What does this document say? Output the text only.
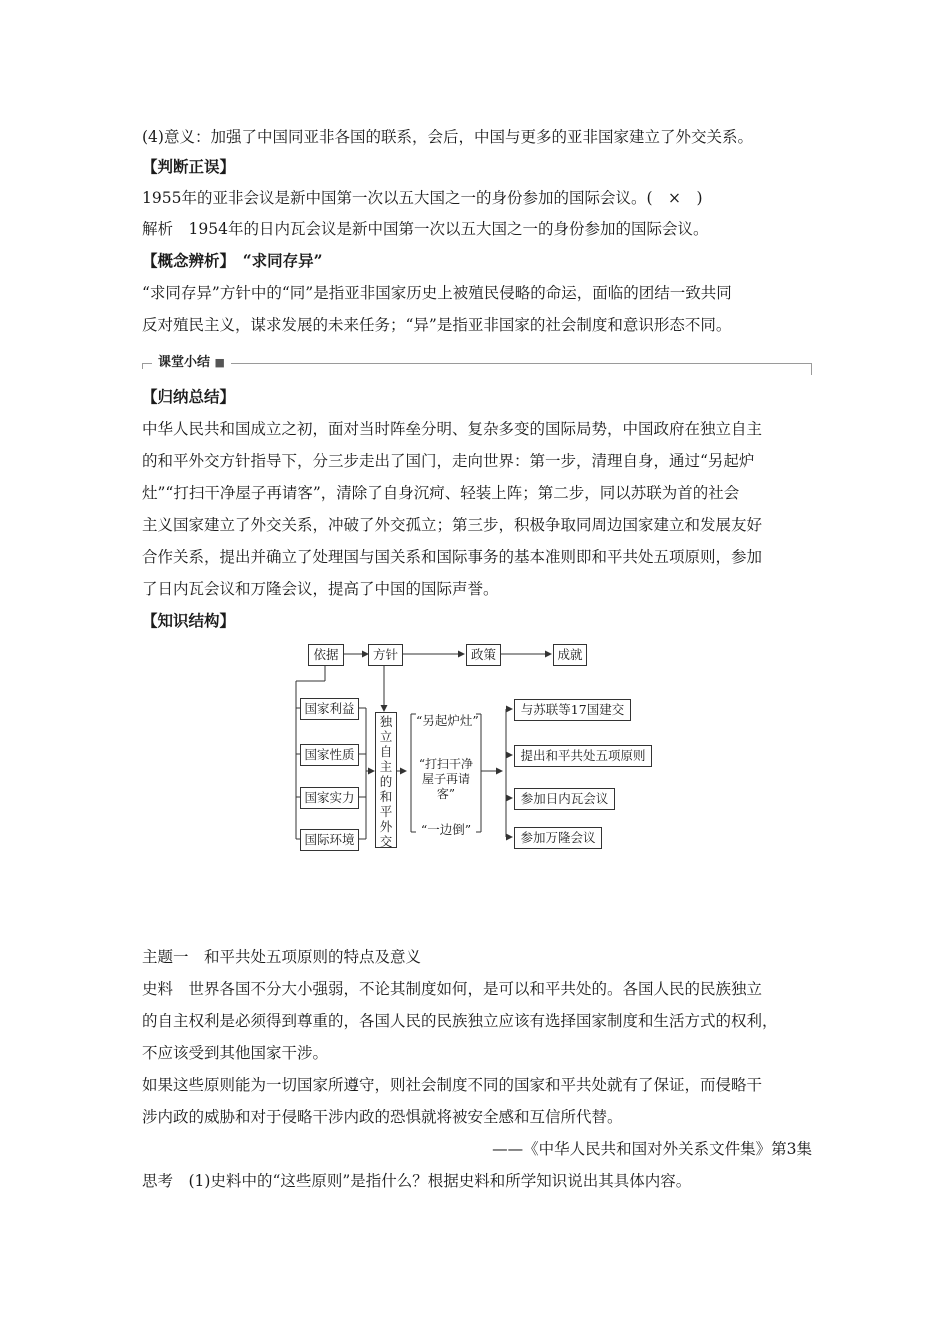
(4)意义：加强了中国同亚非各国的联系，会后，中国与更多的亚非国家建立了外交关系。
【判断正误】
1955年的亚非会议是新中国第一次以五大国之一的身份参加的国际会议。(　×　)
解析　1954年的日内瓦会议是新中国第一次以五大国之一的身份参加的国际会议。
【概念辨析】　“求同存异”
“求同存异”方针中的“同”是指亚非国家历史上被殖民侵略的命运，面临的团结一致共同
反对殖民主义，谋求发展的未来任务；“异”是指亚非国家的社会制度和意识形态不同。
课堂小结 ■
【归纳总结】
中华人民共和国成立之初，面对当时阵垒分明、复杂多变的国际局势，中国政府在独立自主
的和平外交方针指导下，分三步走出了国门，走向世界：第一步，清理自身，通过“另起炉
灶”“打扫干净屋子再请客”，清除了自身沉疴、轻装上阵；第二步，同以苏联为首的社会
主义国家建立了外交关系，冲破了外交孤立；第三步，积极争取同周边国家建立和发展友好
合作关系，提出并确立了处理国与国关系和国际事务的基本准则即和平共处五项原则，参加
了日内瓦会议和万隆会议，提高了中国的国际声誉。
【知识结构】
依据	方针	政策	成就
国家利益
国家性质
国家实力
国际环境
独立自主的和平外交
“另起炉灶”
“打扫干净屋子再请客”
“一边倒”
与苏联等17国建交
提出和平共处五项原则
参加日内瓦会议
参加万隆会议
主题一　和平共处五项原则的特点及意义
史料　世界各国不分大小强弱，不论其制度如何，是可以和平共处的。各国人民的民族独立
的自主权利是必须得到尊重的，各国人民的民族独立应该有选择国家制度和生活方式的权利，
不应该受到其他国家干涉。
如果这些原则能为一切国家所遵守，则社会制度不同的国家和平共处就有了保证，而侵略干
涉内政的威胁和对于侵略干涉内政的恐惧就将被安全感和互信所代替。
——《中华人民共和国对外关系文件集》第3集
思考　(1)史料中的“这些原则”是指什么？根据史料和所学知识说出其具体内容。
